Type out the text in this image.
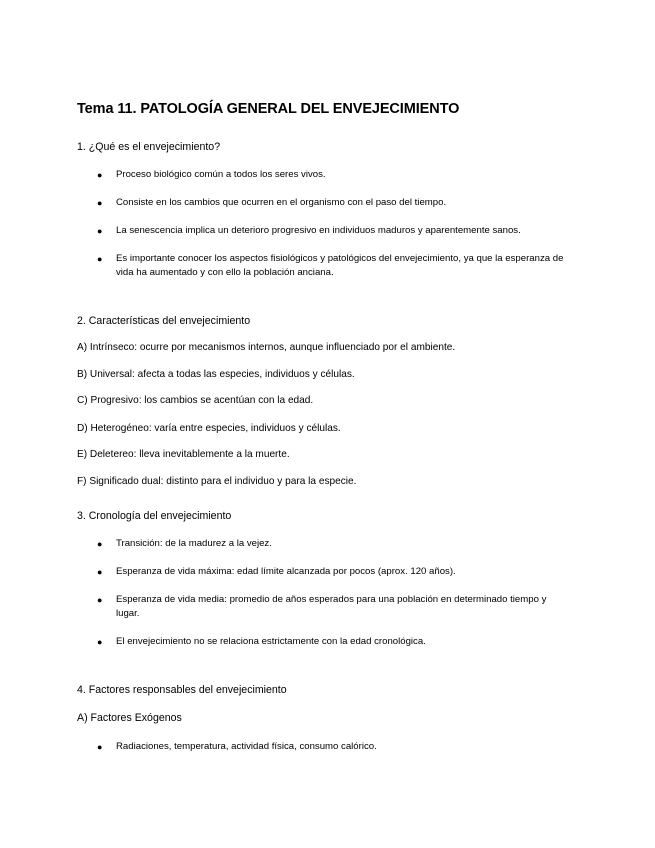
Tema 11. PATOLOGÍA GENERAL DEL ENVEJECIMIENTO
1. ¿Qué es el envejecimiento?
●	Proceso biológico común a todos los seres vivos.
●	Consiste en los cambios que ocurren en el organismo con el paso del tiempo.
●	La senescencia implica un deterioro progresivo en individuos maduros y aparentemente sanos.
●	Es importante conocer los aspectos fisiológicos y patológicos del envejecimiento, ya que la esperanza de vida ha aumentado y con ello la población anciana.
2. Características del envejecimiento
A) Intrínseco: ocurre por mecanismos internos, aunque influenciado por el ambiente.
B) Universal: afecta a todas las especies, individuos y células.
C) Progresivo: los cambios se acentúan con la edad.
D) Heterogéneo: varía entre especies, individuos y células.
E) Deletereo: lleva inevitablemente a la muerte.
F) Significado dual: distinto para el individuo y para la especie.
3. Cronología del envejecimiento
●	Transición: de la madurez a la vejez.
●	Esperanza de vida máxima: edad límite alcanzada por pocos (aprox. 120 años).
●	Esperanza de vida media: promedio de años esperados para una población en determinado tiempo y lugar.
●	El envejecimiento no se relaciona estrictamente con la edad cronológica.
4. Factores responsables del envejecimiento
A) Factores Exógenos
●	Radiaciones, temperatura, actividad física, consumo calórico.
